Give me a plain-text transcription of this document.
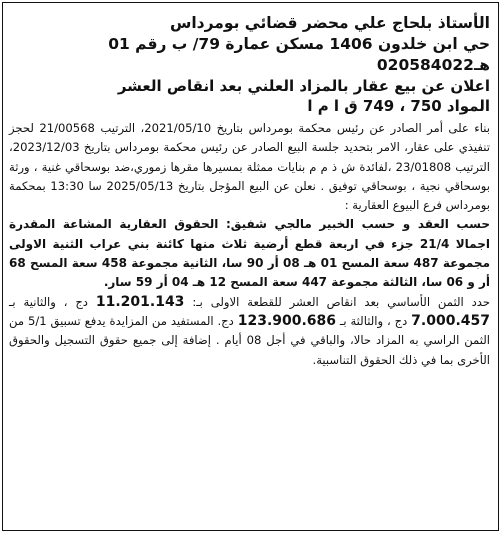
الأستاذ بلحاج علي محضر قضائي بومرداس
حي ابن خلدون 1406 مسكن عمارة 79/ ب رقم 01
هـ020584022
اعلان عن بيع عقار بالمزاد العلني بعد انقاص العشر
المواد 750 ، 749 ق ا م ا

بناء على أمر الصادر عن رئيس محكمة بومرداس بتاريخ 2021/05/10، الترتيب 21/00568 لحجز تنفيذي على عقار، الامر بتحديد جلسة البيع الصادر عن رئيس محكمة بومرداس بتاريخ 2023/12/03، الترتيب 23/01808 ،لفائدة ش ذ م م بنايات ممثلة بمسيرها مقرها زموري،ضد بوسحاقي غنية ، ورثة بوسحاقي نجية ، بوسحاقي توفيق . نعلن عن البيع المؤجل بتاريخ 2025/05/13 سا 13:30 بمحكمة بومرداس فرع البيوع العقارية :

حسب العقد و حسب الخبير مالجي شفيق: الحقوق العقارية المشاعة المقدرة اجمالا 21/4 جزء في اربعة قطع أرضية ثلاث منها كائنة بني عراب الثنية الاولى مجموعة 487 سعة المسح 01 هـ 08 أر 90 سا، الثانية مجموعة 458 سعة المسح 68 أر و 06 سا، الثالثة مجموعة 447 سعة المسح 12 هـ 04 أر 59 سار.

حدد الثمن الأساسي بعد انقاص العشر للقطعة الاولى بـ: 11.201.143 دج ، والثانية بـ 7.000.457 دج ، والثالثة بـ 123.900.686 دج. المستفيد من المزايدة يدفع تسبيق 5/1 من الثمن الراسي به المزاد حالا، والباقي في أجل 08 أيام . إضافة إلى جميع حقوق التسجيل والحقوق الأخرى بما في ذلك الحقوق التناسبية.
